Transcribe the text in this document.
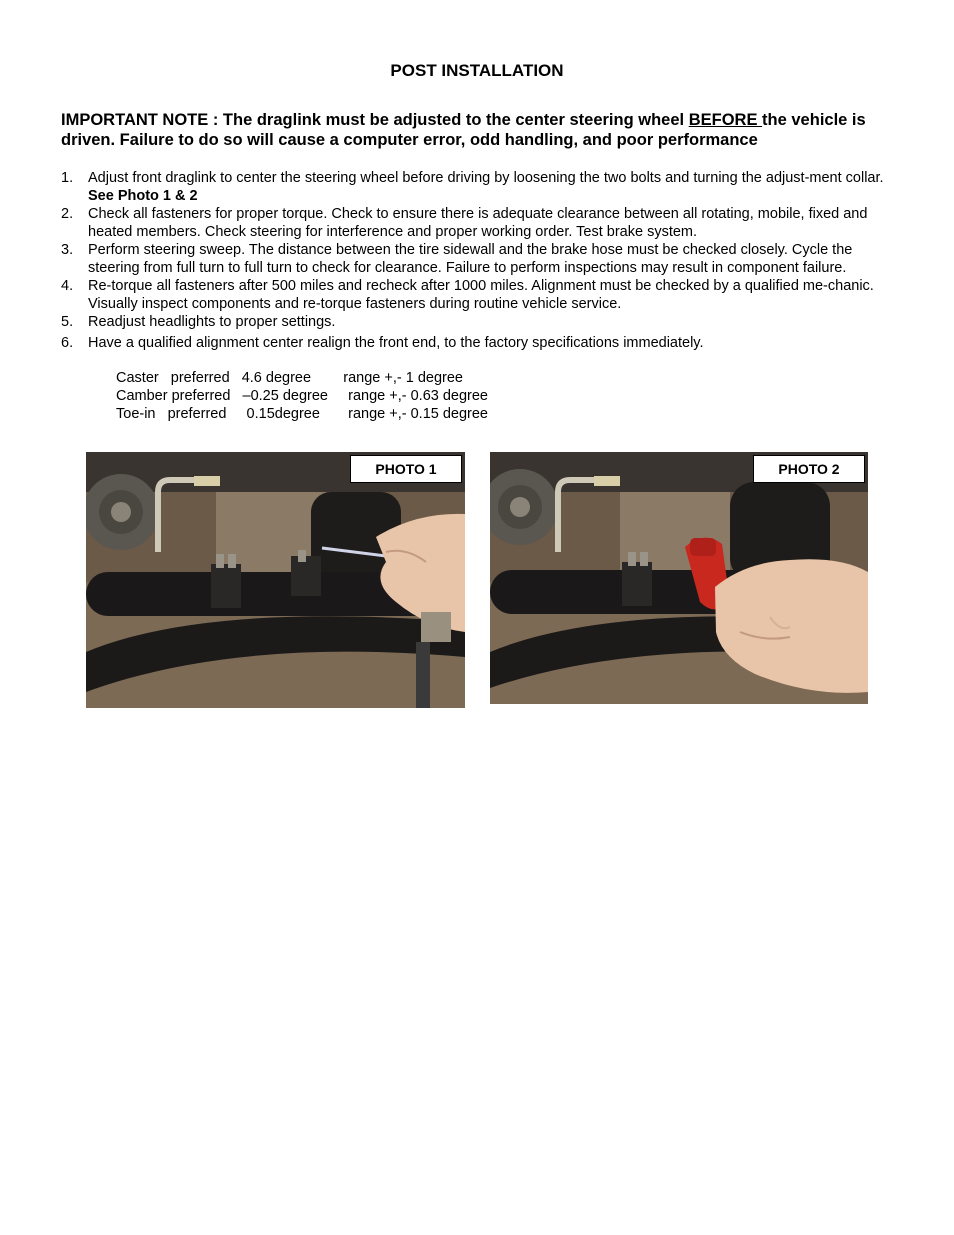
POST INSTALLATION
IMPORTANT NOTE : The draglink must be adjusted to the center steering wheel BEFORE the vehicle is driven. Failure to do so will cause a computer error, odd handling, and poor performance
1. Adjust front draglink to center the steering wheel before driving by loosening the two bolts and turning the adjust-ment collar. See Photo 1 & 2
2. Check all fasteners for proper torque. Check to ensure there is adequate clearance between all rotating, mobile, fixed and heated members. Check steering for interference and proper working order. Test brake system.
3. Perform steering sweep. The distance between the tire sidewall and the brake hose must be checked closely. Cycle the steering from full turn to full turn to check for clearance. Failure to perform inspections may result in component failure.
4. Re-torque all fasteners after 500 miles and recheck after 1000 miles. Alignment must be checked by a qualified me-chanic. Visually inspect components and re-torque fasteners during routine vehicle service.
5. Readjust headlights to proper settings.
6. Have a qualified alignment center realign the front end, to the factory specifications immediately.
Caster   preferred   4.6 degree        range +,- 1 degree
Camber preferred   –0.25 degree     range +,- 0.63 degree
Toe-in   preferred     0.15degree       range +,- 0.15 degree
PHOTO 1	PHOTO 2
